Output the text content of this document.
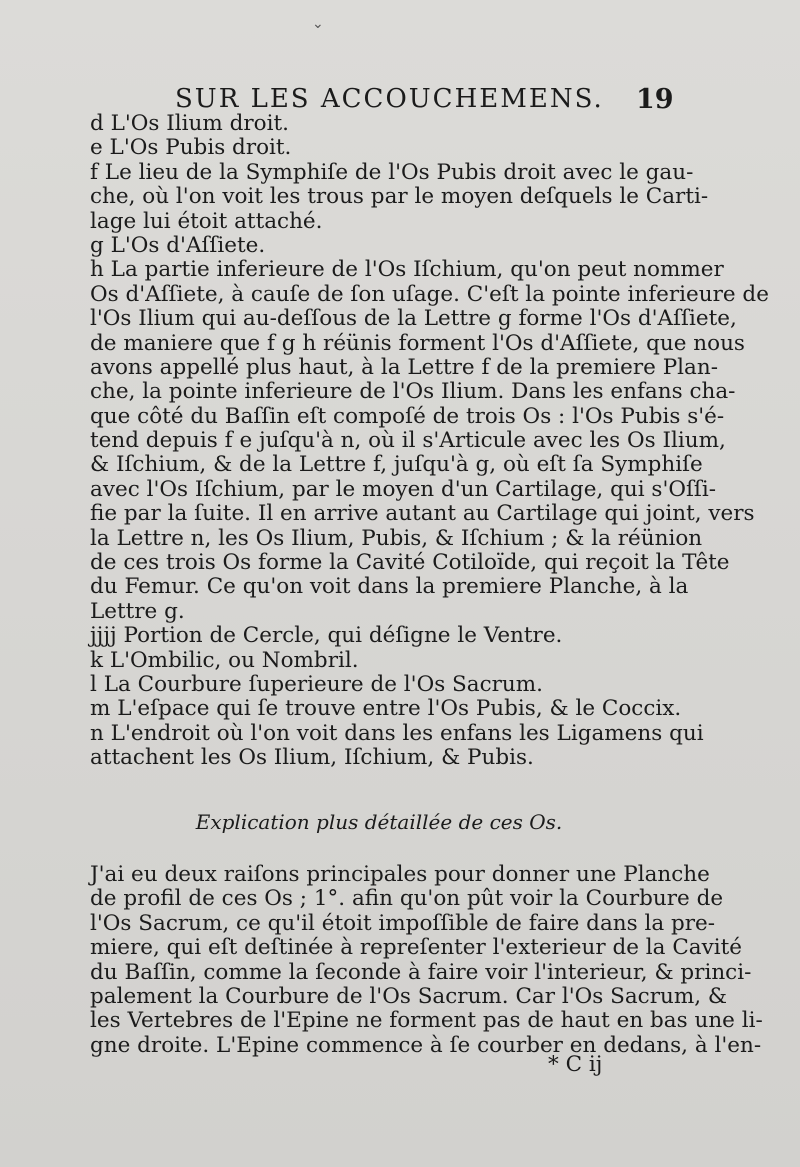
⌄
SUR LES ACCOUCHEMENS.	19
d L'Os Ilium droit.
e L'Os Pubis droit.
f Le lieu de la Symphiſe de l'Os Pubis droit avec le gau-
che, où l'on voit les trous par le moyen deſquels le Carti-
lage lui étoit attaché.
g L'Os d'Aſſiete.
h La partie inferieure de l'Os Iſchium, qu'on peut nommer
Os d'Aſſiete, à cauſe de ſon uſage. C'eſt la pointe inferieure de
l'Os Ilium qui au-deſſous de la Lettre g forme l'Os d'Aſſiete,
de maniere que f g h réünis forment l'Os d'Aſſiete, que nous
avons appellé plus haut, à la Lettre f de la premiere Plan-
che, la pointe inferieure de l'Os Ilium. Dans les enfans cha-
que côté du Baſſin eſt compoſé de trois Os : l'Os Pubis s'é-
tend depuis f e juſqu'à n, où il s'Articule avec les Os Ilium,
& Iſchium, & de la Lettre f, juſqu'à g, où eſt ſa Symphiſe
avec l'Os Iſchium, par le moyen d'un Cartilage, qui s'Oſſi-
fie par la ſuite. Il en arrive autant au Cartilage qui joint, vers
la Lettre n, les Os Ilium, Pubis, & Iſchium ; & la réünion
de ces trois Os forme la Cavité Cotiloïde, qui reçoit la Tête
du Femur. Ce qu'on voit dans la premiere Planche, à la
Lettre g.
jjjj Portion de Cercle, qui déſigne le Ventre.
k L'Ombilic, ou Nombril.
l La Courbure ſuperieure de l'Os Sacrum.
m L'eſpace qui ſe trouve entre l'Os Pubis, & le Coccix.
n L'endroit où l'on voit dans les enfans les Ligamens qui
attachent les Os Ilium, Iſchium, & Pubis.
Explication plus détaillée de ces Os.
J'ai eu deux raiſons principales pour donner une Planche
de profil de ces Os ; 1°. afin qu'on pût voir la Courbure de
l'Os Sacrum, ce qu'il étoit impoſſible de faire dans la pre-
miere, qui eſt deſtinée à repreſenter l'exterieur de la Cavité
du Baſſin, comme la ſeconde à faire voir l'interieur, & princi-
palement la Courbure de l'Os Sacrum. Car l'Os Sacrum, &
les Vertebres de l'Epine ne forment pas de haut en bas une li-
gne droite. L'Epine commence à ſe courber en dedans, à l'en-
* C ij
